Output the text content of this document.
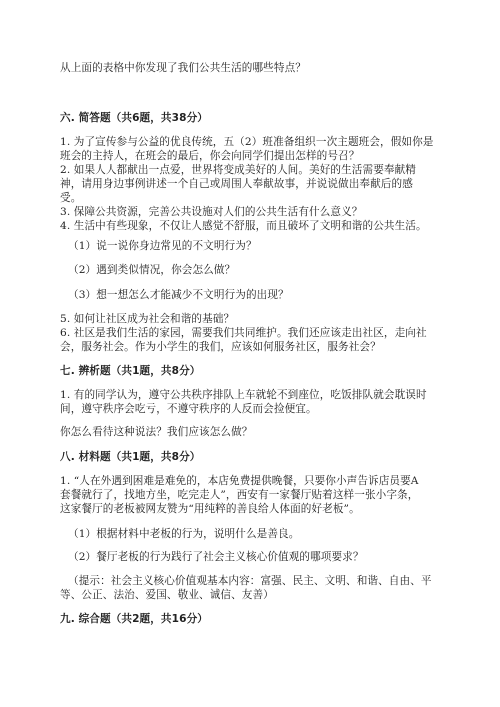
从上面的表格中你发现了我们公共生活的哪些特点？
六. 简答题（共6题，共38分）
1. 为了宣传参与公益的优良传统，五（2）班准备组织一次主题班会，假如你是
班会的主持人，在班会的最后，你会向同学们提出怎样的号召？
2. 如果人人都献出一点爱，世界将变成美好的人间。美好的生活需要奉献精
神，请用身边事例讲述一个自己或周围人奉献故事，并说说做出奉献后的感
受。
3. 保障公共资源，完善公共设施对人们的公共生活有什么意义？
4. 生活中有些现象，不仅让人感觉不舒服，而且破坏了文明和谐的公共生活。
（1）说一说你身边常见的不文明行为？
（2）遇到类似情况，你会怎么做？
（3）想一想怎么才能减少不文明行为的出现？
5. 如何让社区成为社会和谐的基础？
6. 社区是我们生活的家园，需要我们共同维护。我们还应该走出社区，走向社
会，服务社会。作为小学生的我们，应该如何服务社区，服务社会？
七. 辨析题（共1题，共8分）
1. 有的同学认为，遵守公共秩序排队上车就轮不到座位，吃饭排队就会耽误时
间，遵守秩序会吃亏，不遵守秩序的人反而会捡便宜。
你怎么看待这种说法？我们应该怎么做？
八. 材料题（共1题，共8分）
1. “人在外遇到困难是难免的，本店免费提供晚餐，只要你小声告诉店员要A
套餐就行了，找地方坐，吃完走人”，西安有一家餐厅贴着这样一张小字条，
这家餐厅的老板被网友赞为“用纯粹的善良给人体面的好老板”。
（1）根据材料中老板的行为，说明什么是善良。
（2）餐厅老板的行为践行了社会主义核心价值观的哪项要求？
（提示：社会主义核心价值观基本内容：富强、民主、文明、和谐、自由、平
等、公正、法治、爱国、敬业、诚信、友善）
九. 综合题（共2题，共16分）
